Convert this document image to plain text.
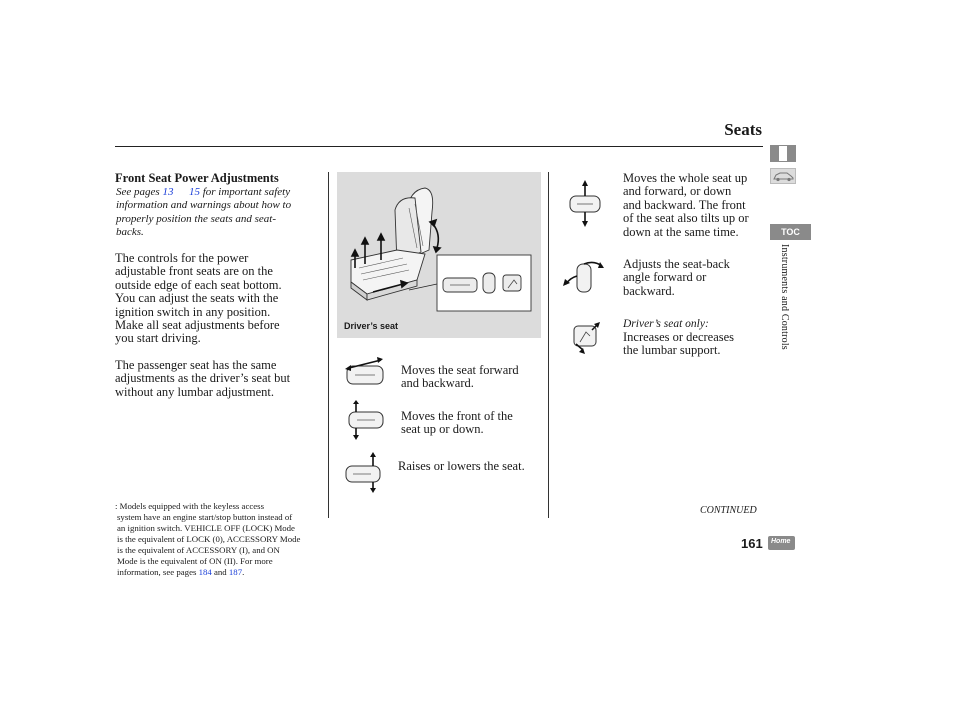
Seats
TOC
Instruments and Controls
Front Seat Power Adjustments
See pages 13 15 for important safety
information and warnings about how to
properly position the seats and seat-
backs.
The controls for the power
adjustable front seats are on the
outside edge of each seat bottom.
You can adjust the seats with the
ignition switch in any position.
Make all seat adjustments before
you start driving.
The passenger seat has the same
adjustments as the driver’s seat but
without any lumbar adjustment.
: Models equipped with the keyless access
system have an engine start/stop button instead of
an ignition switch. VEHICLE OFF (LOCK) Mode
is the equivalent of LOCK (0), ACCESSORY Mode
is the equivalent of ACCESSORY (I), and ON
Mode is the equivalent of ON (II). For more
information, see pages 184 and 187.
Driver’s seat
Moves the seat forward
and backward.
Moves the front of the
seat up or down.
Raises or lowers the seat.
Moves the whole seat up
and forward, or down
and backward. The front
of the seat also tilts up or
down at the same time.
Adjusts the seat-back
angle forward or
backward.
Driver’s seat only:
Increases or decreases
the lumbar support.
CONTINUED
161 Home
